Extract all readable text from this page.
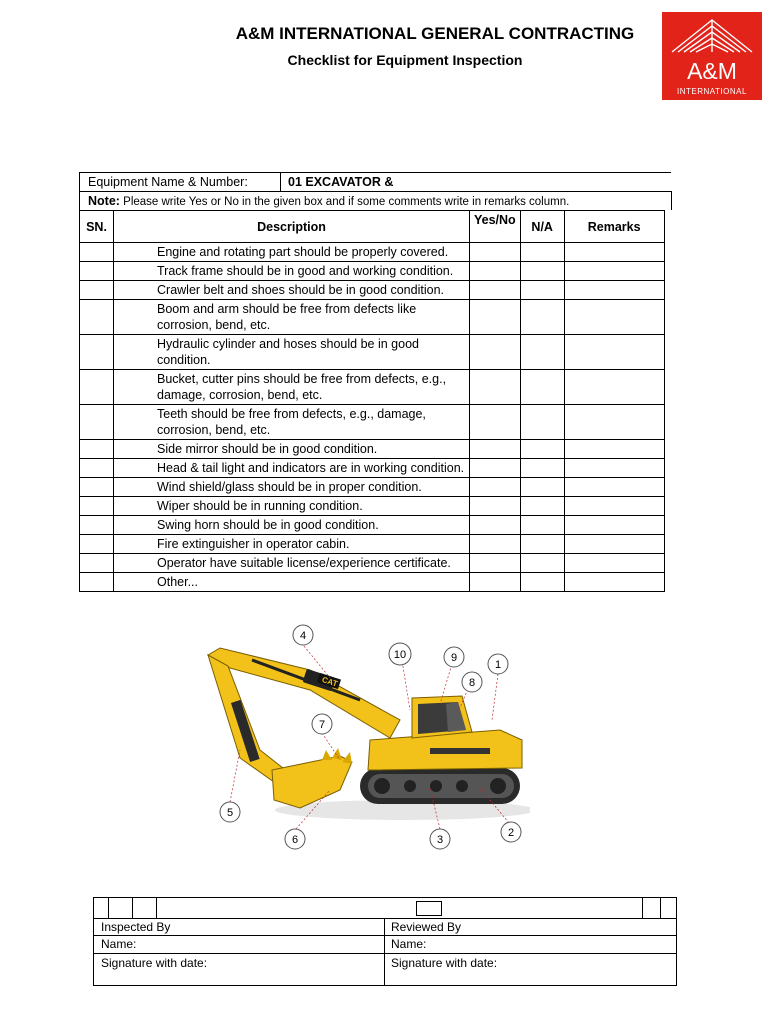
A&M INTERNATIONAL GENERAL CONTRACTING
Checklist for Equipment Inspection	A&M
INTERNATIONAL
Equipment Name & Number:	01 EXCAVATOR &
Note: Please write Yes or No in the given box and if some comments write in remarks column.
SN.	Description	Yes/No	N/A	Remarks
	Engine and rotating part should be properly covered.			
	Track frame should be in good and working condition.			
	Crawler belt and shoes should be in good condition.			
	Boom and arm should be free from defects like corrosion, bend, etc.			
	Hydraulic cylinder and hoses should be in good condition.			
	Bucket, cutter pins should be free from defects, e.g., damage, corrosion, bend, etc.			
	Teeth should be free from defects, e.g., damage, corrosion, bend, etc.			
	Side mirror should be in good condition.			
	Head & tail light and indicators are in working condition.			
	Wind shield/glass should be in proper condition.			
	Wiper should be in running condition.			
	Swing horn should be in good condition.			
	Fire extinguisher in operator cabin.			
	Operator have suitable license/experience certificate.			
	Other...			
CAT
1
2
3
4
5
6
7
8
9
10
Inspected By	Reviewed By
Name:	Name:
Signature with date:	Signature with date:
